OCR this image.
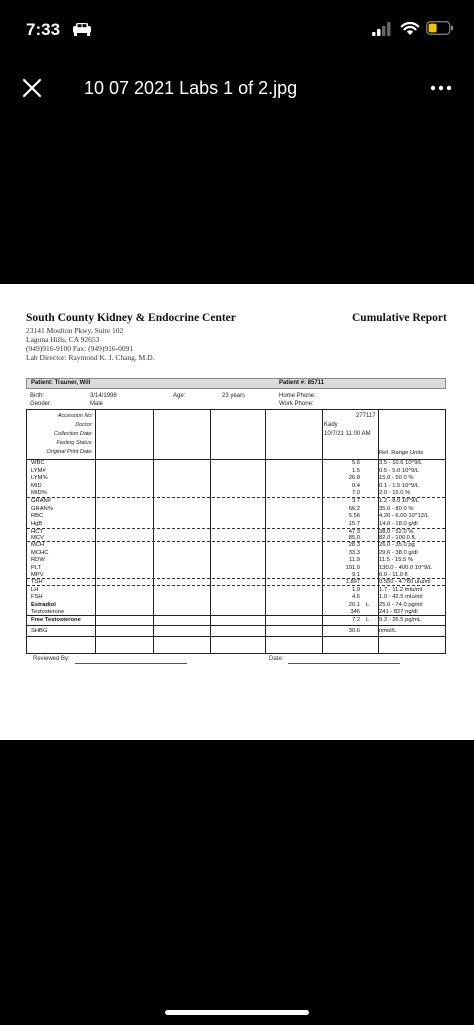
7:33
10 07 2021 Labs 1 of 2.jpg
South County Kidney & Endocrine Center
23141 Moulton Pkwy, Suite 102
Laguna Hills, CA 92653
(949)916-9100 Fax: (949)916-0091
Lab Director: Raymond K. J. Chang, M.D.
Cumulative Report
Patient: Trauner, Will	Patient #: 85711
Birth:	3/14/1998	Age:	23 years	Home Phone:
Gender:	Male	Work Phone:
Accession No:
Doctor:
Collection Date:
Fasting Status:
Original Print Date:
277117
Kady
10/7/21 11:00 AM
Ref. Range Units
WBC	5.6	3.5 - 10.6 10^9/L
LYM#	1.5	0.5 - 5.0 10^9/L
LYM%	26.8	15.0 - 50.0 %
MID	0.4	0.1 - 1.5 10^9/L
MID%	7.0	2.0 - 15.0 %
GRAN#	3.7	1.2 - 8.0 10^9/L
GRAN%	66.2	35.0 - 80.0 %
RBC	5.56	4.20 - 6.00 10^12/L
HgB	15.7	14.0 - 18.0 g/dl
HCT	47.3	38.0 - 52.0 %
MCV	85.0	82.0 - 100.0 fL
MCH	28.3	26.0 - 35.0 pg
MCHC	33.3	29.6 - 38.0 g/dl
RDW	11.9	11.5 - 15.5 %
PLT	191.0	130.0 - 400.0 10^9/L
MPV	9.1	6.0 - 11.0 fl
TSH	1.897	0.550 - 4.780 uIu/ml
LH	1.9	1.7 - 11.2 mIu/ml
FSH	4.6	1.0 - 42.5 mIu/ml
Estradiol	20.1 L 25.0 - 74.0 pg/ml
Testosterone	346	241 - 827 ng/dl
Free Testosterone	7.2 L 9.3 - 26.5 pg/mL
SHBG	30.6	nmol/L
Reviewed By:	Date:
